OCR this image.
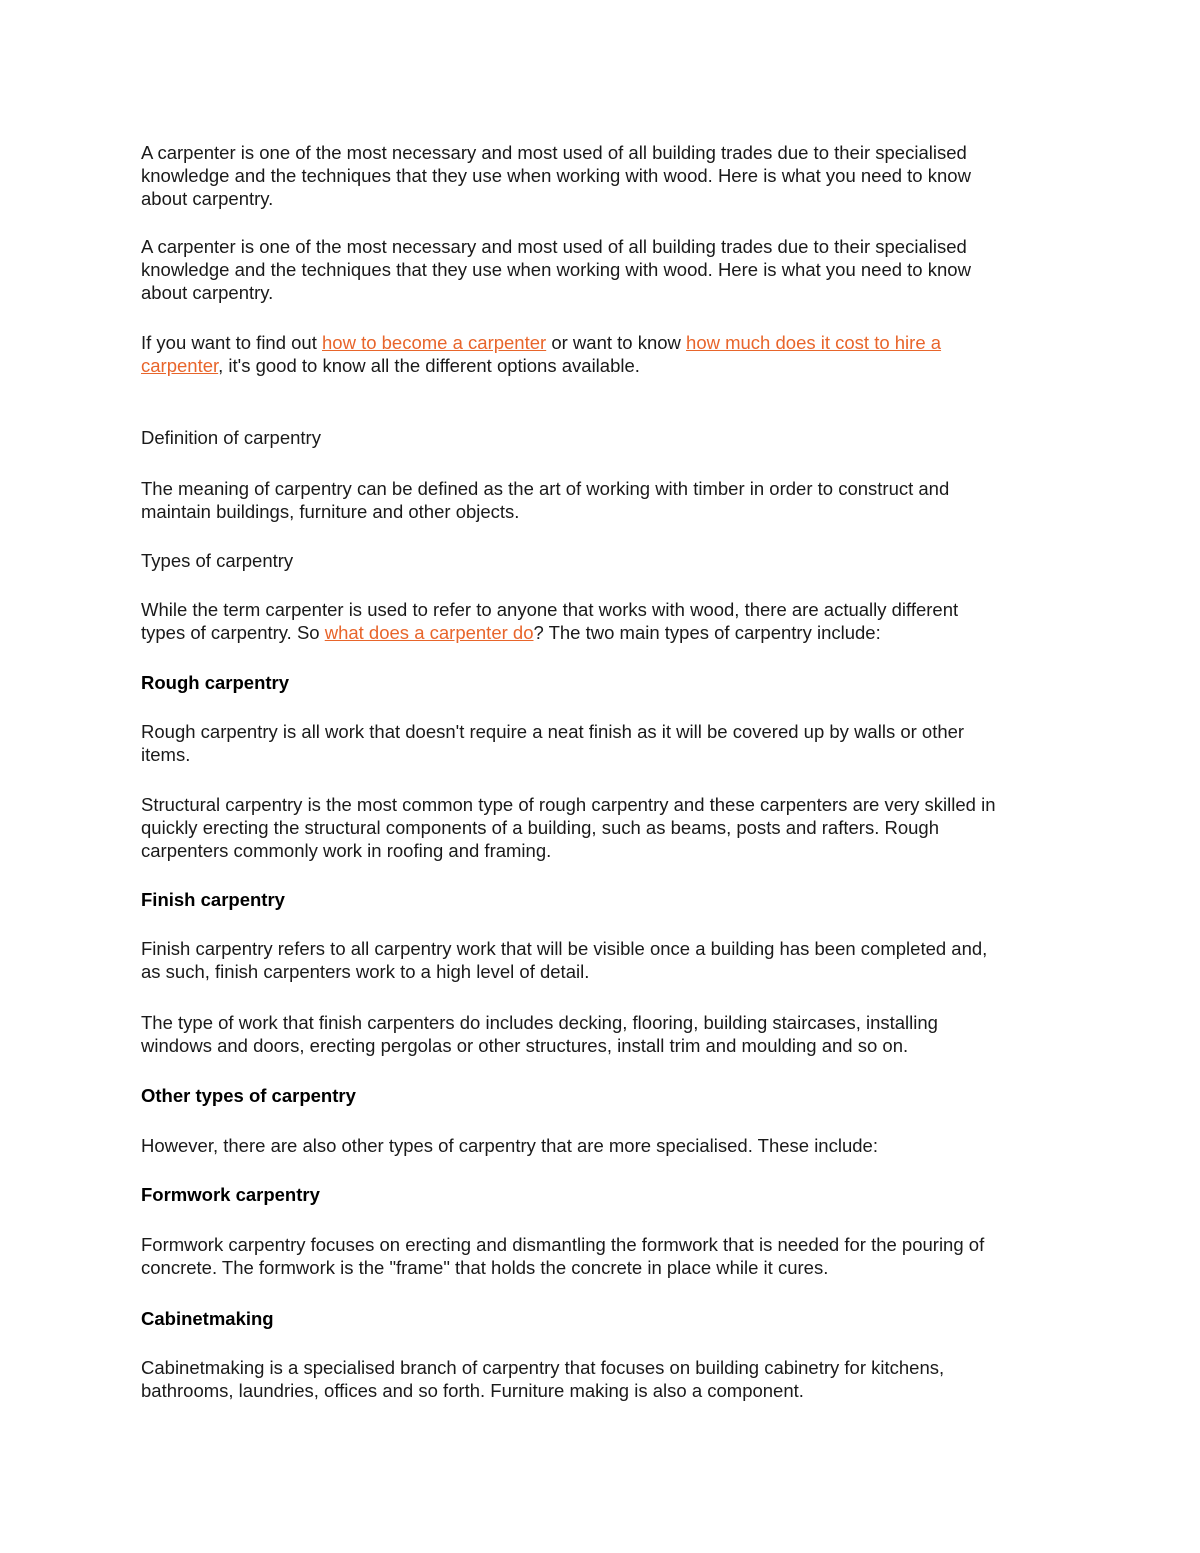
A carpenter is one of the most necessary and most used of all building trades due to their specialised
knowledge and the techniques that they use when working with wood. Here is what you need to know
about carpentry.

A carpenter is one of the most necessary and most used of all building trades due to their specialised
knowledge and the techniques that they use when working with wood. Here is what you need to know
about carpentry.

If you want to find out how to become a carpenter or want to know how much does it cost to hire a
carpenter, it's good to know all the different options available.

Definition of carpentry

The meaning of carpentry can be defined as the art of working with timber in order to construct and
maintain buildings, furniture and other objects.

Types of carpentry

While the term carpenter is used to refer to anyone that works with wood, there are actually different
types of carpentry. So what does a carpenter do? The two main types of carpentry include:

Rough carpentry

Rough carpentry is all work that doesn't require a neat finish as it will be covered up by walls or other
items.

Structural carpentry is the most common type of rough carpentry and these carpenters are very skilled in
quickly erecting the structural components of a building, such as beams, posts and rafters. Rough
carpenters commonly work in roofing and framing.

Finish carpentry

Finish carpentry refers to all carpentry work that will be visible once a building has been completed and,
as such, finish carpenters work to a high level of detail.

The type of work that finish carpenters do includes decking, flooring, building staircases, installing
windows and doors, erecting pergolas or other structures, install trim and moulding and so on.

Other types of carpentry

However, there are also other types of carpentry that are more specialised. These include:

Formwork carpentry

Formwork carpentry focuses on erecting and dismantling the formwork that is needed for the pouring of
concrete. The formwork is the "frame" that holds the concrete in place while it cures.

Cabinetmaking

Cabinetmaking is a specialised branch of carpentry that focuses on building cabinetry for kitchens,
bathrooms, laundries, offices and so forth. Furniture making is also a component.
